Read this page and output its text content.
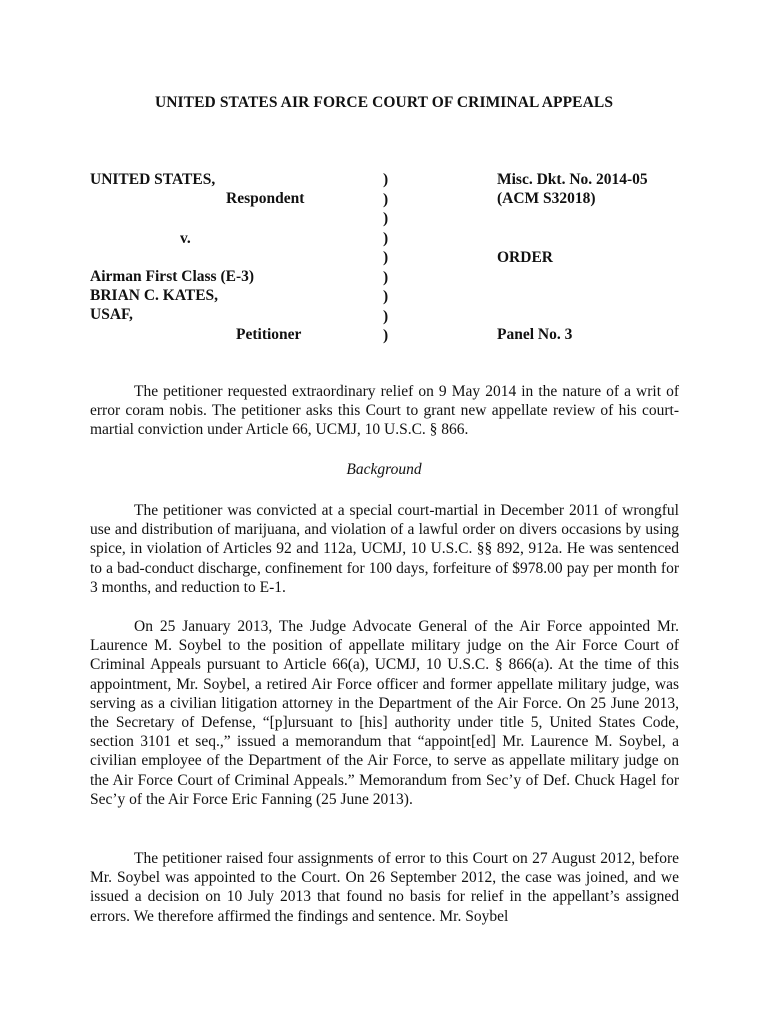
UNITED STATES AIR FORCE COURT OF CRIMINAL APPEALS
UNITED STATES,
Respondent
v.
Airman First Class (E-3)
BRIAN C. KATES,
USAF,
Petitioner
)
)
)
)
)
)
)
)
)
Misc. Dkt. No. 2014-05
(ACM S32018)
ORDER
Panel No. 3

The petitioner requested extraordinary relief on 9 May 2014 in the nature of a writ of error coram nobis. The petitioner asks this Court to grant new appellate review of his court-martial conviction under Article 66, UCMJ, 10 U.S.C. § 866.

Background

The petitioner was convicted at a special court-martial in December 2011 of wrongful use and distribution of marijuana, and violation of a lawful order on divers occasions by using spice, in violation of Articles 92 and 112a, UCMJ, 10 U.S.C. §§ 892, 912a. He was sentenced to a bad-conduct discharge, confinement for 100 days, forfeiture of $978.00 pay per month for 3 months, and reduction to E-1.

On 25 January 2013, The Judge Advocate General of the Air Force appointed Mr. Laurence M. Soybel to the position of appellate military judge on the Air Force Court of Criminal Appeals pursuant to Article 66(a), UCMJ, 10 U.S.C. § 866(a). At the time of this appointment, Mr. Soybel, a retired Air Force officer and former appellate military judge, was serving as a civilian litigation attorney in the Department of the Air Force. On 25 June 2013, the Secretary of Defense, “[p]ursuant to [his] authority under title 5, United States Code, section 3101 et seq.,” issued a memorandum that “appoint[ed] Mr. Laurence M. Soybel, a civilian employee of the Department of the Air Force, to serve as appellate military judge on the Air Force Court of Criminal Appeals.” Memorandum from Sec’y of Def. Chuck Hagel for Sec’y of the Air Force Eric Fanning (25 June 2013).

The petitioner raised four assignments of error to this Court on 27 August 2012, before Mr. Soybel was appointed to the Court. On 26 September 2012, the case was joined, and we issued a decision on 10 July 2013 that found no basis for relief in the appellant’s assigned errors. We therefore affirmed the findings and sentence. Mr. Soybel
